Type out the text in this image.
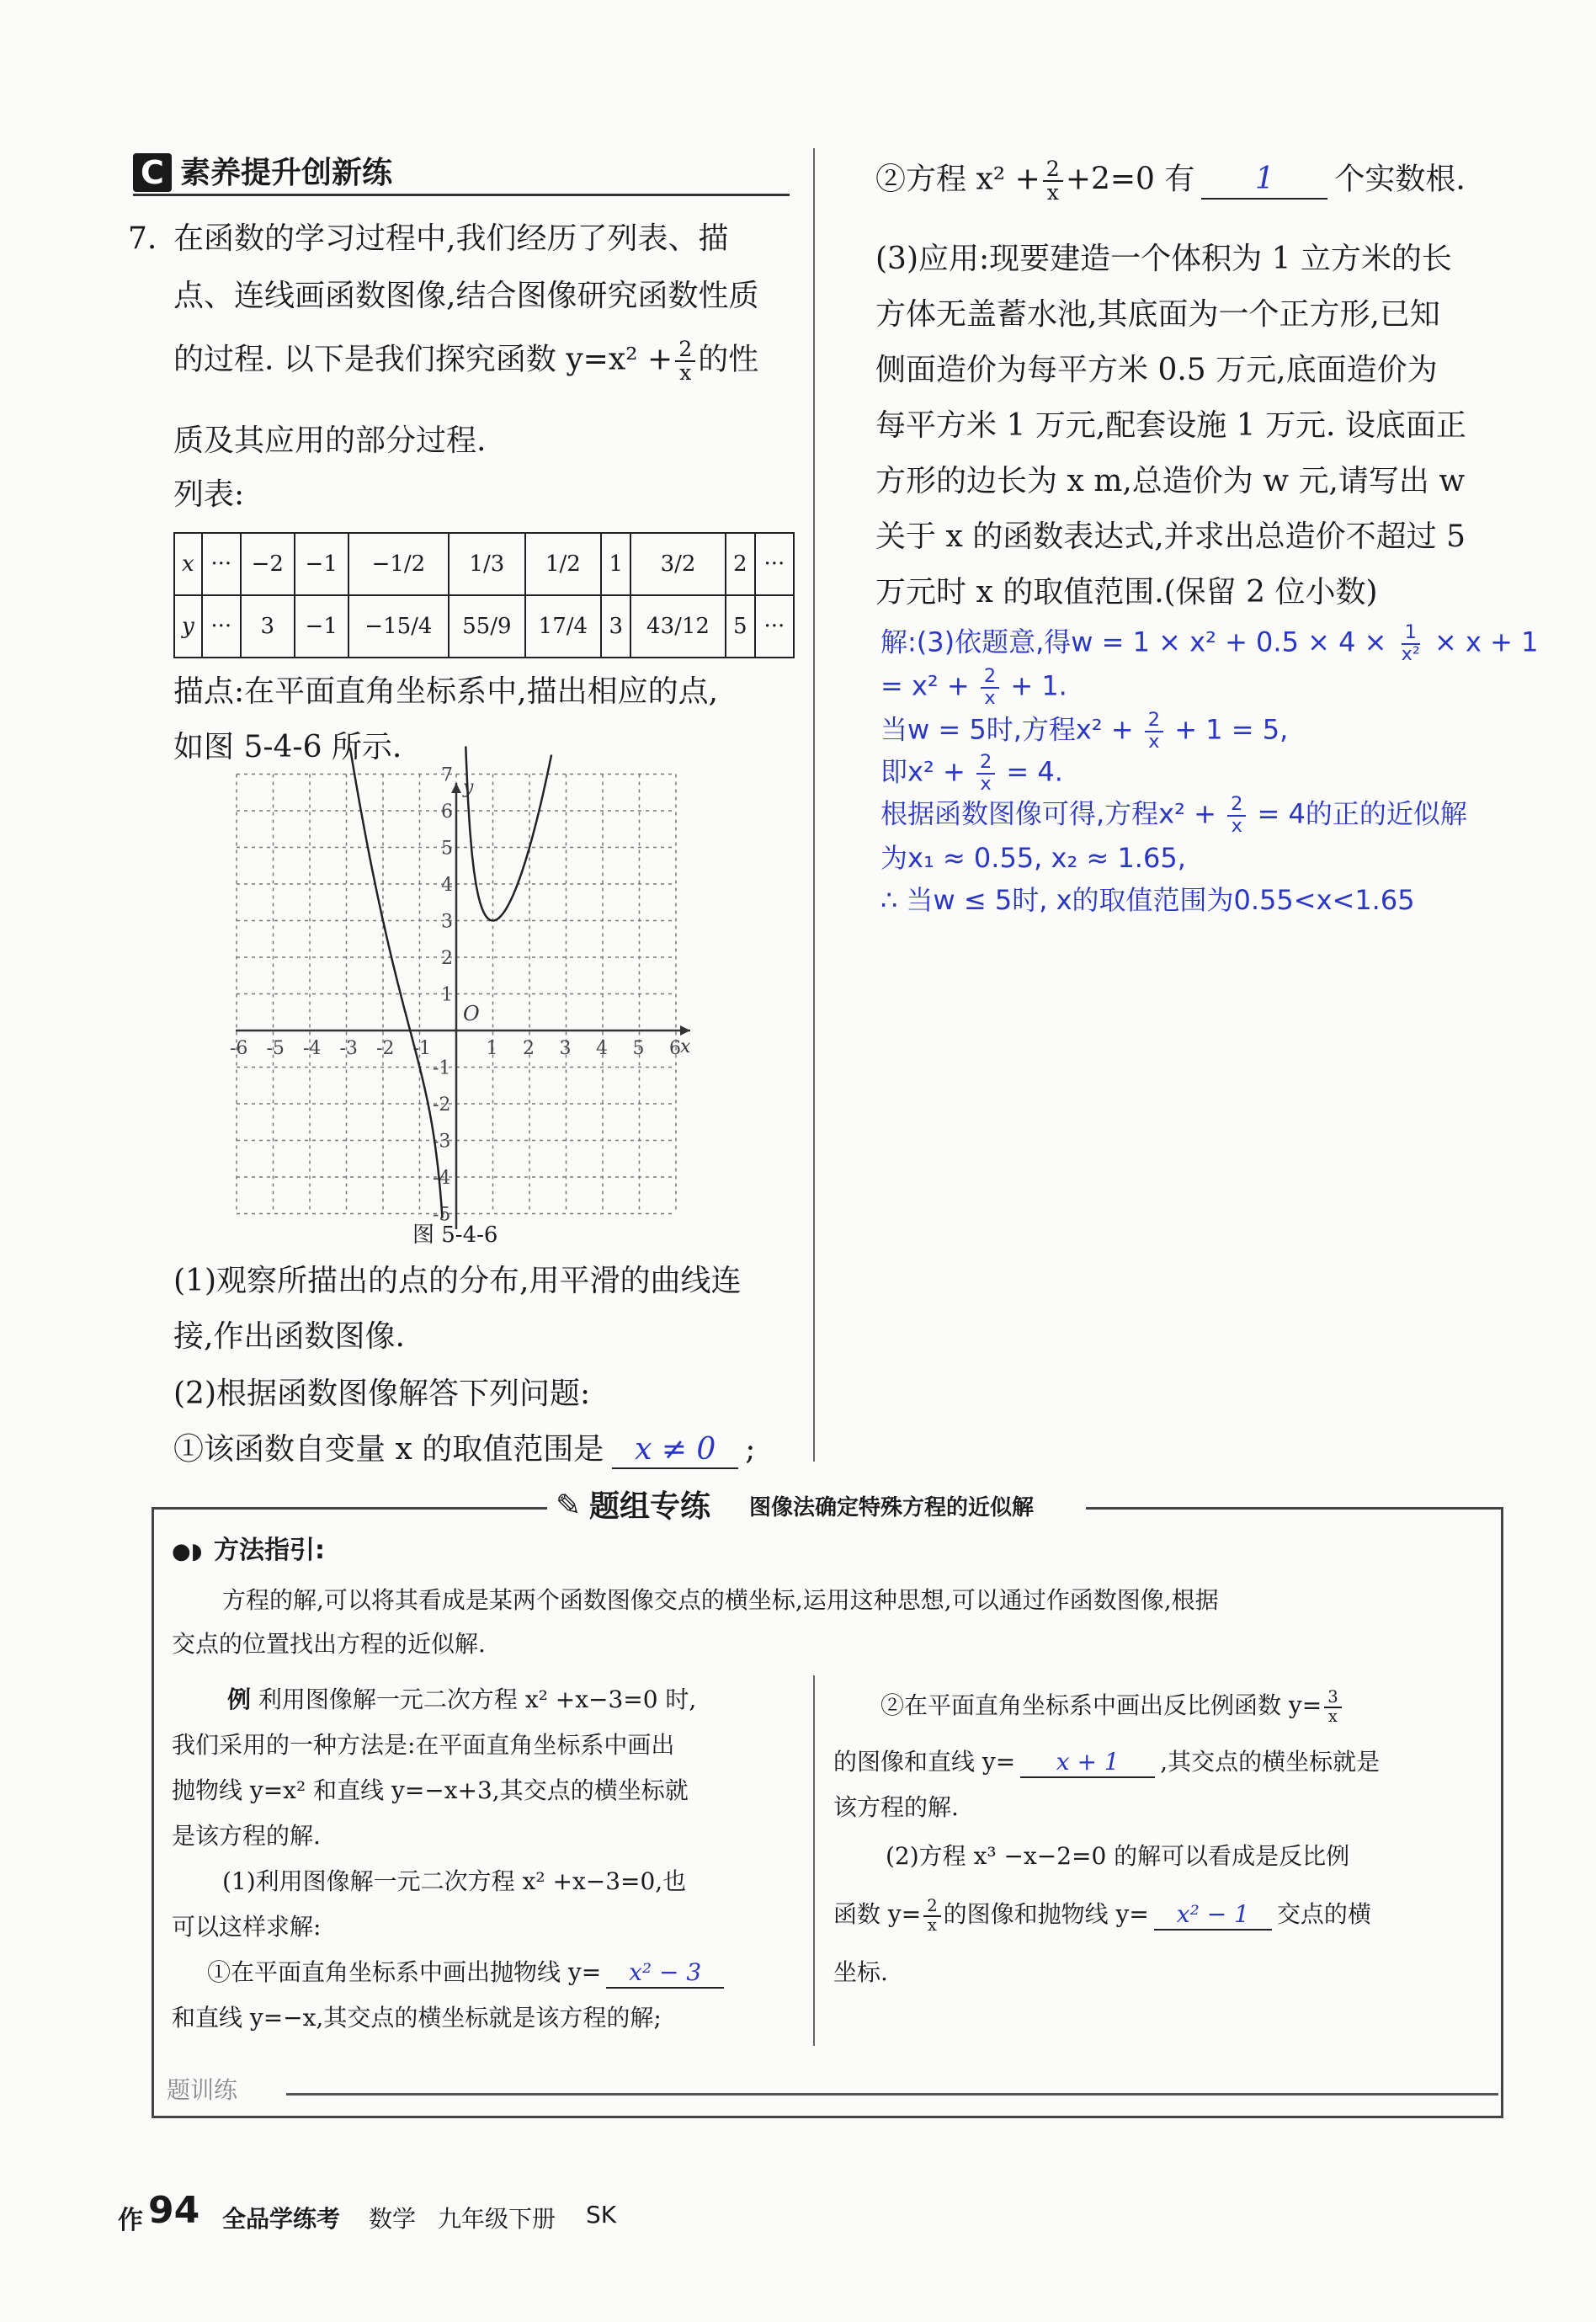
C 素养提升创新练
7. 在函数的学习过程中,我们经历了列表、描
点、连线画函数图像,结合图像研究函数性质
的过程. 以下是我们探究函数 $y=x^2 + \frac{2}{x}$ 的性
质及其应用的部分过程.
列表:
x	···	−2	−1	−1/2	1/3	1/2	1	3/2	2	···
y	···	3	−1	−15/4	55/9	17/4	3	43/12	5	···
描点:在平面直角坐标系中,描出相应的点,
如图 5-4-6 所示.
-6 -5 -4 -3 -2 -1	1 2 3 4 5 6
1
2
3
4
5
6
7
-1
-2
-3
-4
-5
x
y
O
图 5-4-6
(1)观察所描出的点的分布,用平滑的曲线连
接,作出函数图像.
(2)根据函数图像解答下列问题:
①该函数自变量 x 的取值范围是 x ≠ 0 ;
②方程 $x^2 + \frac{2}{x} +2=0$ 有 1 个实数根.
(3)应用:现要建造一个体积为 1 立方米的长
方体无盖蓄水池,其底面为一个正方形,已知
侧面造价为每平方米 0.5 万元,底面造价为
每平方米 1 万元,配套设施 1 万元. 设底面正
方形的边长为 x m,总造价为 w 元,请写出 w
关于 x 的函数表达式,并求出总造价不超过 5
万元时 x 的取值范围.(保留 2 位小数)
解:(3)依题意,得$w = 1 \times x^2 + 0.5 \times 4 \times \frac{1}{\text{x²}} \times x + 1$
= $x^2 + \frac{2}{x} + 1$.
当w = 5时,方程$x^2 + \frac{2}{x} + 1 = 5$,
即$x^2 + \frac{2}{x} = 4$.
根据函数图像可得,方程$x^2 + \frac{2}{x} = 4$的正的近似解
为x₁ ≈ 0.55, x₂ ≈ 1.65,
∴ 当w ≤ 5时, x的取值范围为0.55<x<1.65
✎ 题组专练 图像法确定特殊方程的近似解
●◗ 方法指引:
方程的解,可以将其看成是某两个函数图像交点的横坐标,运用这种思想,可以通过作函数图像,根据
交点的位置找出方程的近似解.
例 利用图像解一元二次方程 x² +x−3=0 时,
我们采用的一种方法是:在平面直角坐标系中画出
抛物线 y=x² 和直线 y=−x+3,其交点的横坐标就
是该方程的解.
(1)利用图像解一元二次方程 x² +x−3=0,也
可以这样求解:
①在平面直角坐标系中画出抛物线 y= x² − 3
和直线 y=−x,其交点的横坐标就是该方程的解;
②在平面直角坐标系中画出反比例函数 $y= \frac{3}{x}$
的图像和直线 y= x + 1 ,其交点的横坐标就是
该方程的解.
(2)方程 x³ −x−2=0 的解可以看成是反比例
函数 $y= \frac{2}{x}$ 的图像和抛物线 y= x² − 1 交点的横
坐标.
题训练
作 94 全品学练考 数学 九年级下册 SK
